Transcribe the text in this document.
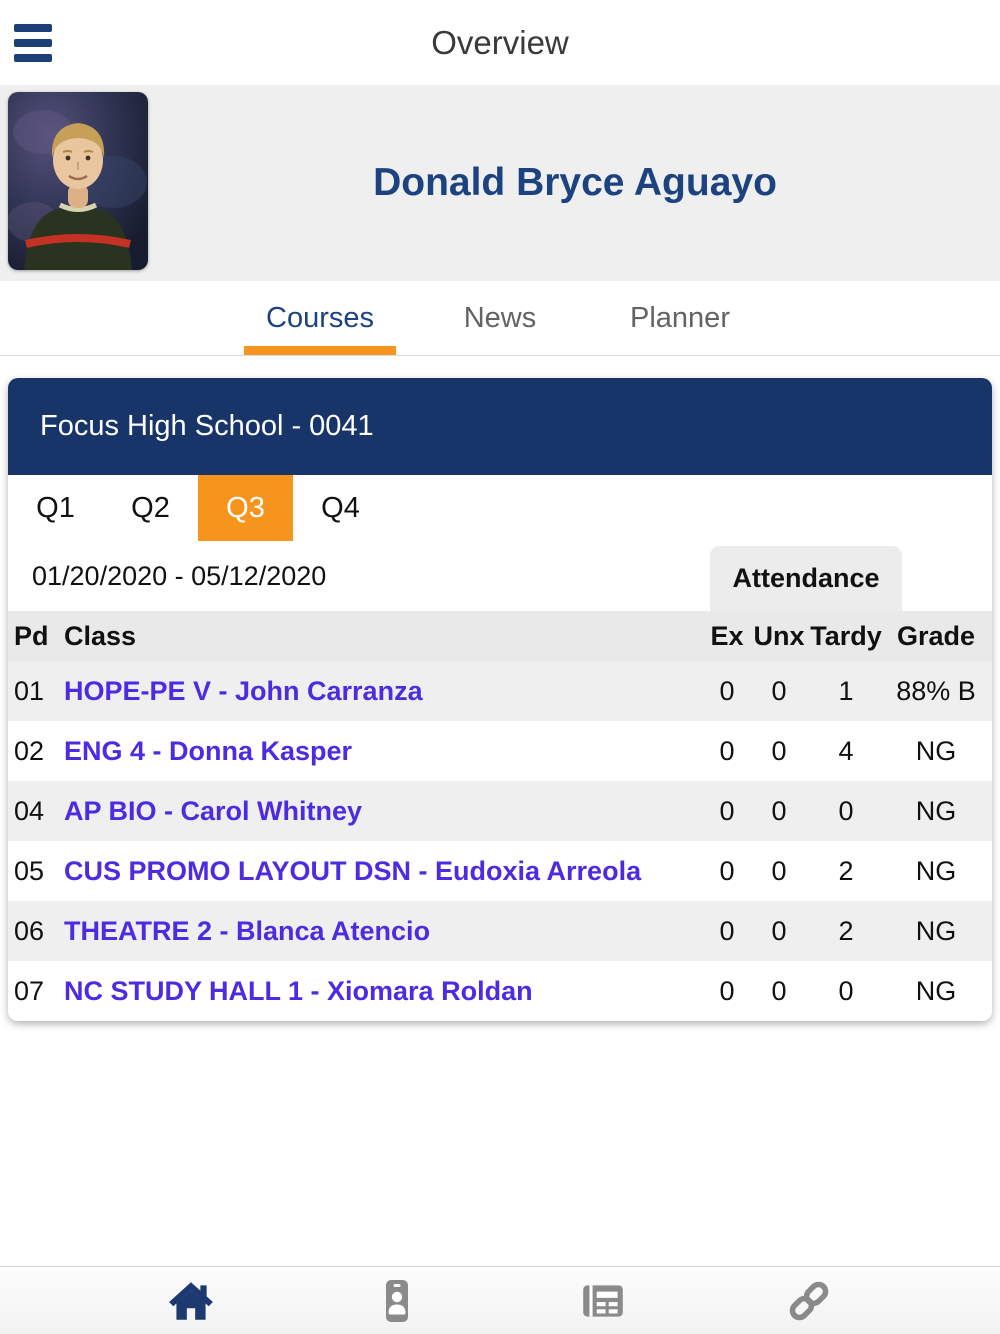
Overview
Donald Bryce Aguayo
Courses	News	Planner
Focus High School - 0041
Q1 Q2 Q3 Q4
01/20/2020 - 05/12/2020	Attendance
Pd Class	Ex Unx Tardy Grade
01 HOPE-PE V - John Carranza	0	0	1	88% B
02 ENG 4 - Donna Kasper	0	0	4	NG
04 AP BIO - Carol Whitney	0	0	0	NG
05 CUS PROMO LAYOUT DSN - Eudoxia Arreola	0	0	2	NG
06 THEATRE 2 - Blanca Atencio	0	0	2	NG
07 NC STUDY HALL 1 - Xiomara Roldan	0	0	0	NG
